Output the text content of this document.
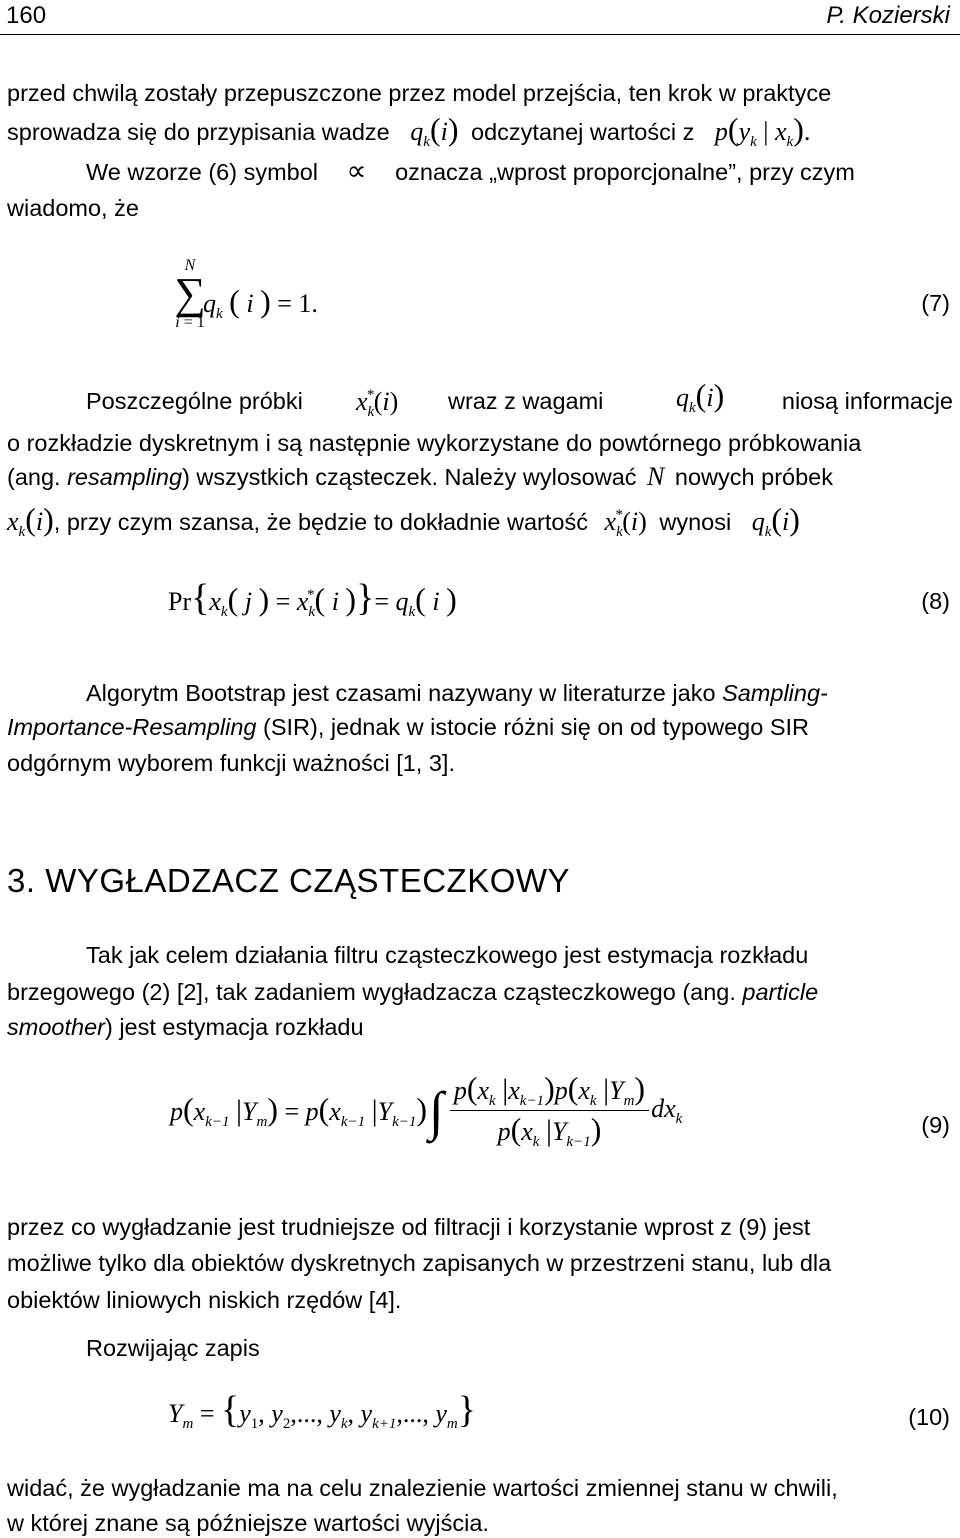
160	P. Kozierski
przed chwilą zostały przepuszczone przez model przejścia, ten krok w praktyce
sprowadza się do przypisania wadze $q_k(i)$ odczytanej wartości z $p(y_k$ | $x_k$).
We wzorze (6) symbol ∝ oznacza „wprost proporcjonalne”, przy czym
wiadomo, że
N
∑
i = 1
$q_k$ ( i ) = 1.	(7)
Poszczególne próbki $x_k^*(i)$ wraz z wagami	$q_k(i)$ niosą informacje
o rozkładzie dyskretnym i są następnie wykorzystane do powtórnego próbkowania
(ang. resampling) wszystkich cząsteczek. Należy wylosować N nowych próbek
$x_k(i)$, przy czym szansa, że będzie to dokładnie wartość $x_k^*(i)$ wynosi $q_k(i)$
$Pr\{x_k$( j ) = $x_k^*$( i )}= $q_k$( i )	(8)
Algorytm Bootstrap jest czasami nazywany w literaturze jako Sampling-
Importance-Resampling (SIR), jednak w istocie różni się on od typowego SIR
odgórnym wyborem funkcji ważności [1, 3].
3. WYGŁADZACZ CZĄSTECZKOWY
Tak jak celem działania filtru cząsteczkowego jest estymacja rozkładu
brzegowego (2) [2], tak zadaniem wygładzacza cząsteczkowego (ang. particle
smoother) jest estymacja rozkładu
$p(x_{k-1}$ $|Y_m) = p(x_{k-1}$ $|Y_{k-1}$) ∫ $\frac{p(x_k |x_{k-1})p(x_k |Y_m)}{p(x_k |Y_{k-1})} dx_k$	(9)
przez co wygładzanie jest trudniejsze od filtracji i korzystanie wprost z (9) jest
możliwe tylko dla obiektów dyskretnych zapisanych w przestrzeni stanu, lub dla
obiektów liniowych niskich rzędów [4].
Rozwijając zapis
$Y_m = \{y_1$, $y_2$,..., $y_k$, $y_{k+1}$,..., $y_m$}	(10)
widać, że wygładzanie ma na celu znalezienie wartości zmiennej stanu w chwili,
w której znane są późniejsze wartości wyjścia.
